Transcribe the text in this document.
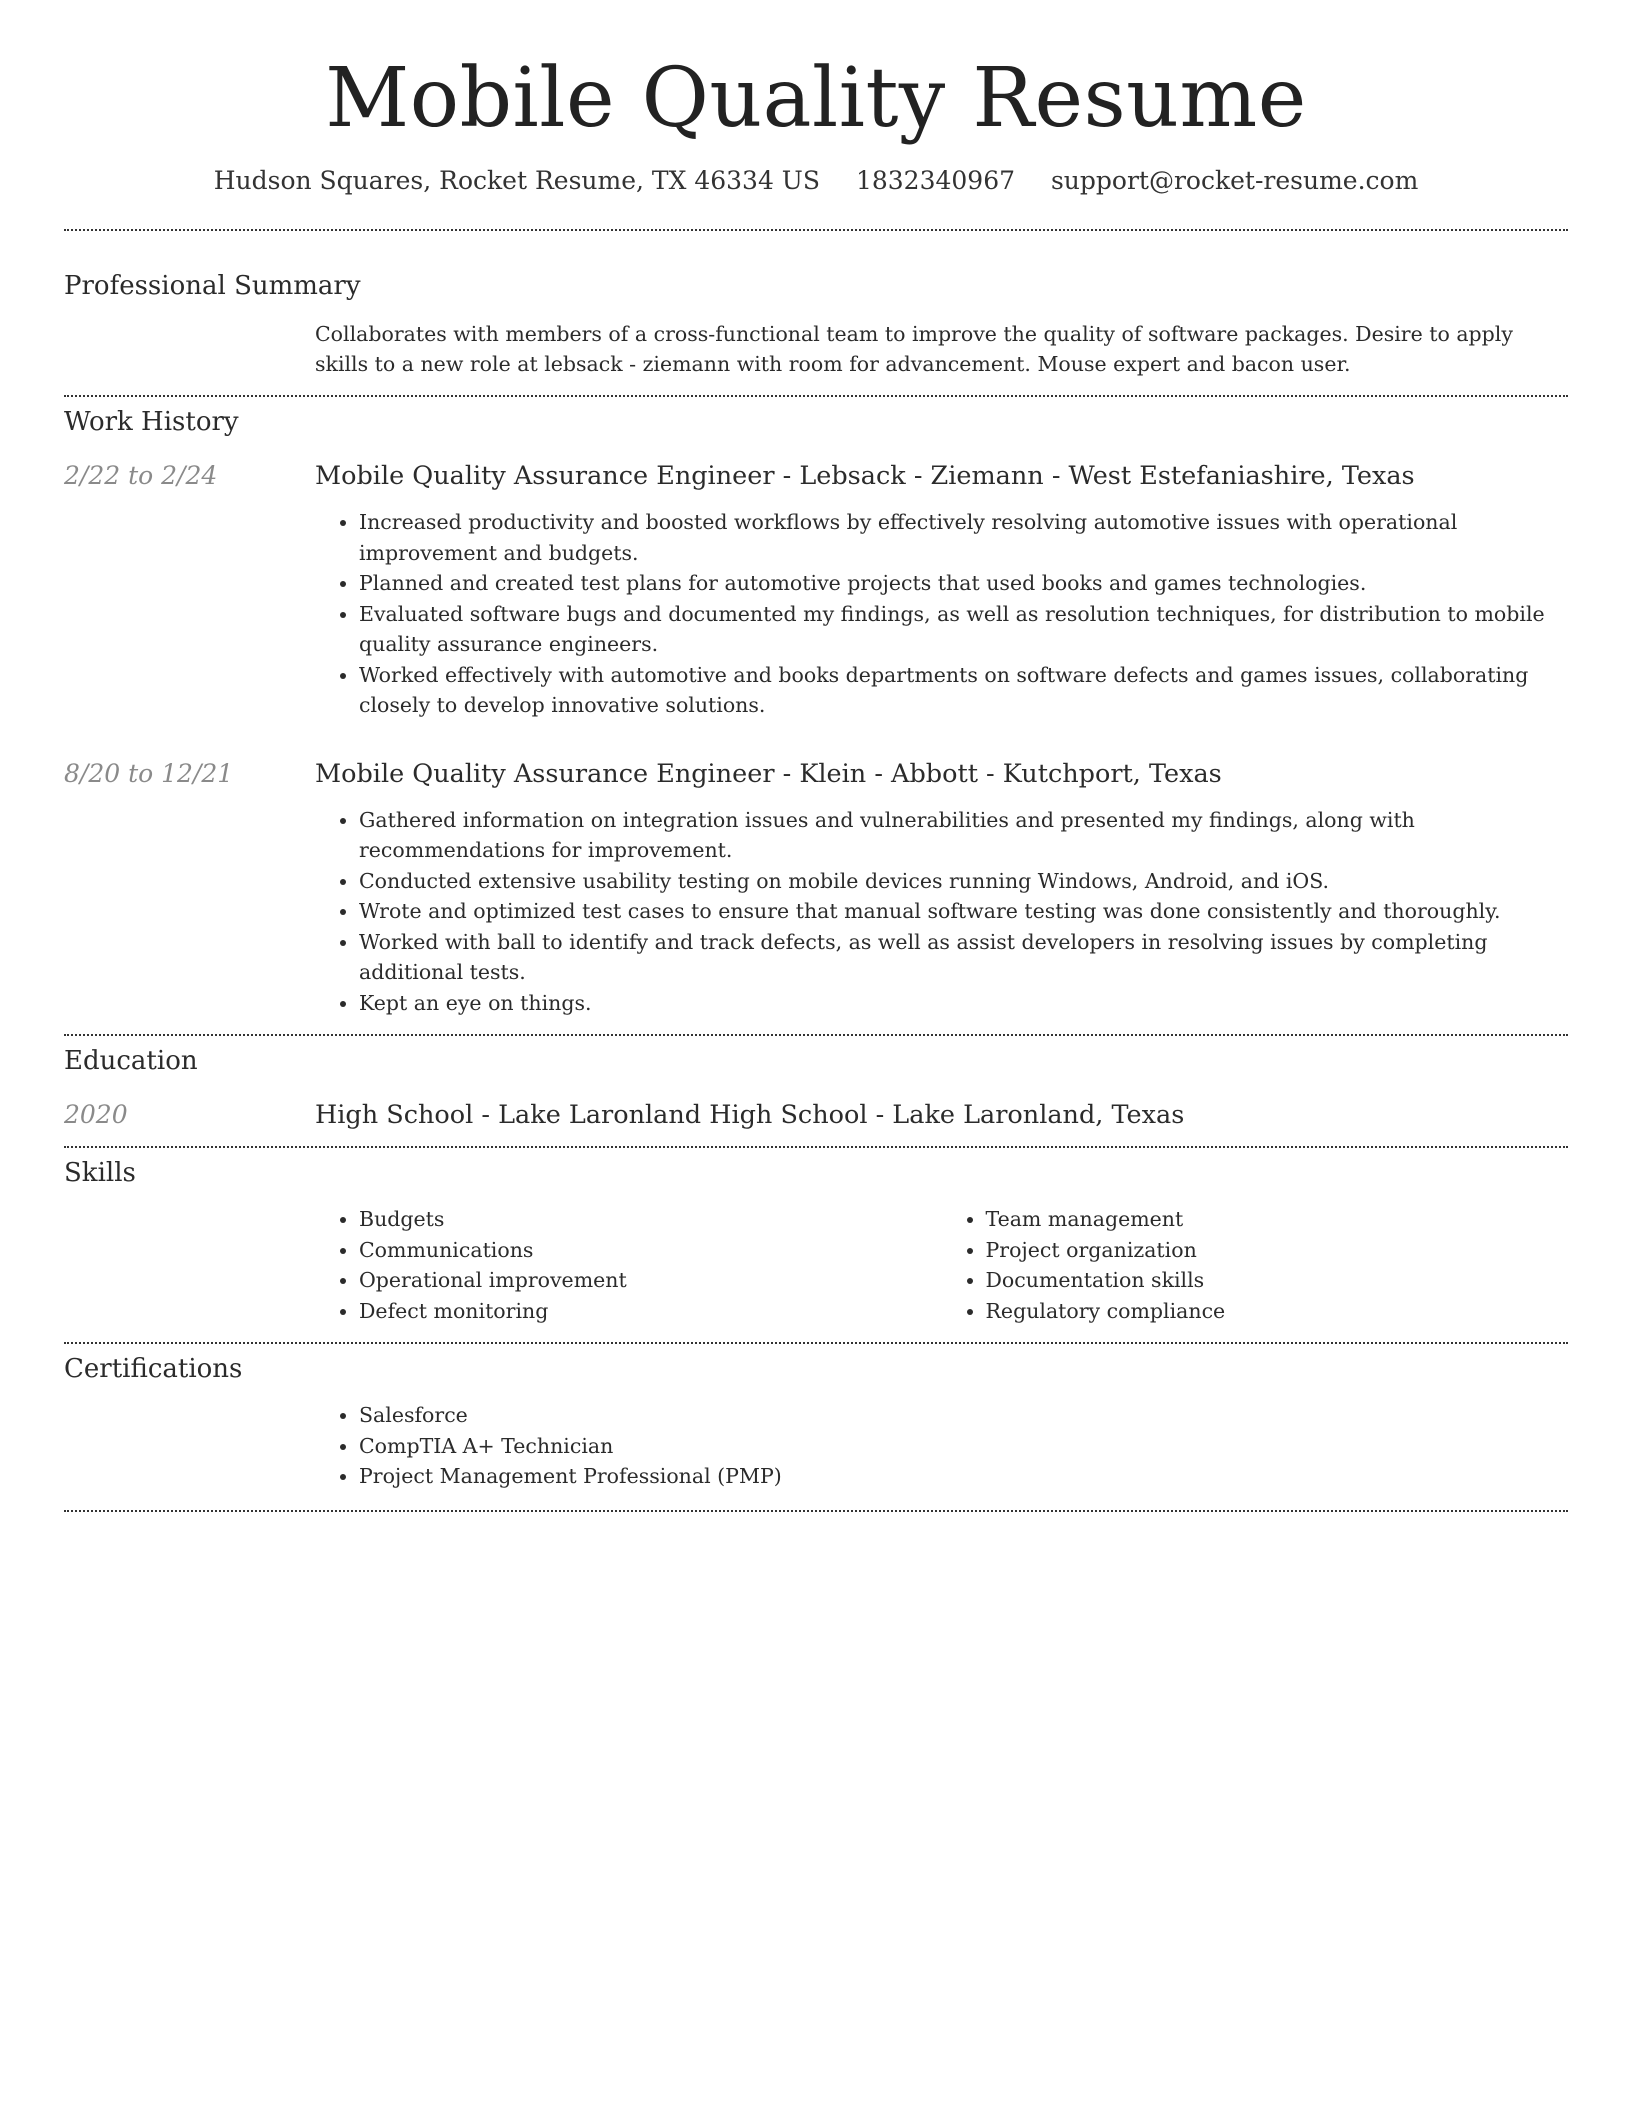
Mobile Quality Resume
Hudson Squares, Rocket Resume, TX 46334 US 1832340967 support@rocket-resume.com
Professional Summary
Collaborates with members of a cross-functional team to improve the quality of software packages. Desire to apply skills to a new role at lebsack - ziemann with room for advancement. Mouse expert and bacon user.
Work History
2/22 to 2/24	Mobile Quality Assurance Engineer - Lebsack - Ziemann - West Estefaniashire, Texas
• Increased productivity and boosted workflows by effectively resolving automotive issues with operational improvement and budgets.
• Planned and created test plans for automotive projects that used books and games technologies.
• Evaluated software bugs and documented my findings, as well as resolution techniques, for distribution to mobile quality assurance engineers.
• Worked effectively with automotive and books departments on software defects and games issues, collaborating closely to develop innovative solutions.
8/20 to 12/21	Mobile Quality Assurance Engineer - Klein - Abbott - Kutchport, Texas
• Gathered information on integration issues and vulnerabilities and presented my findings, along with recommendations for improvement.
• Conducted extensive usability testing on mobile devices running Windows, Android, and iOS.
• Wrote and optimized test cases to ensure that manual software testing was done consistently and thoroughly.
• Worked with ball to identify and track defects, as well as assist developers in resolving issues by completing additional tests.
• Kept an eye on things.
Education
2020	High School - Lake Laronland High School - Lake Laronland, Texas
Skills
• Budgets
• Communications
• Operational improvement
• Defect monitoring
• Team management
• Project organization
• Documentation skills
• Regulatory compliance
Certifications
• Salesforce
• CompTIA A+ Technician
• Project Management Professional (PMP)
